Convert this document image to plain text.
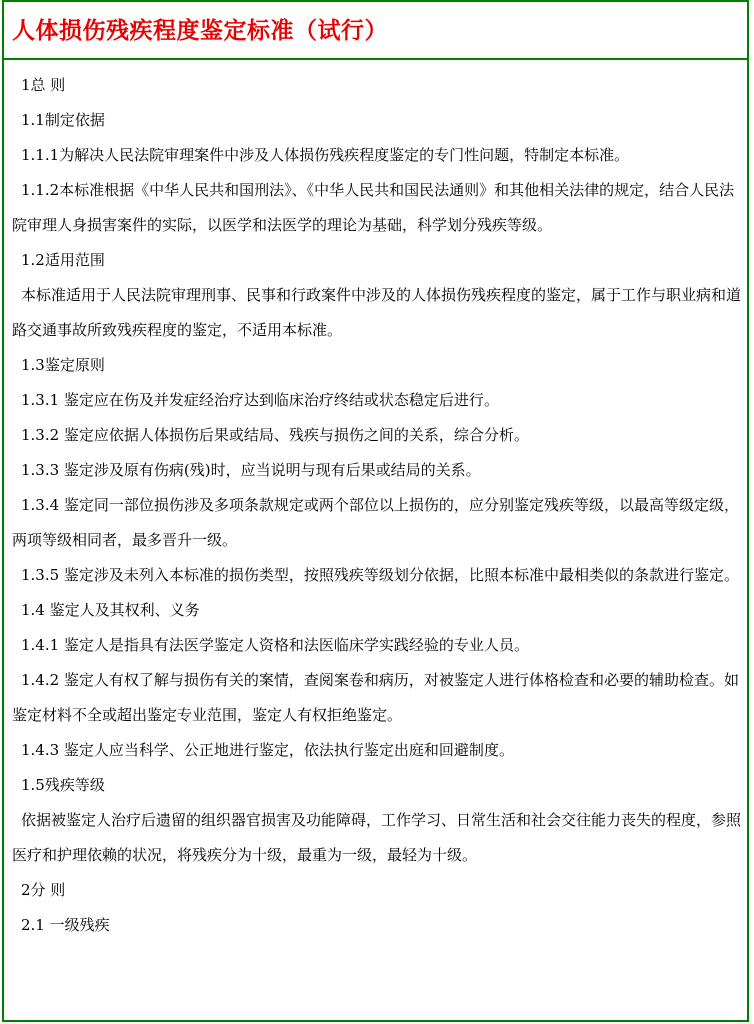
人体损伤残疾程度鉴定标准（试行）

1总 则

1.1制定依据

1.1.1为解决人民法院审理案件中涉及人体损伤残疾程度鉴定的专门性问题，特制定本标准。

1.1.2本标准根据《中华人民共和国刑法》、《中华人民共和国民法通则》和其他相关法律的规定，结合人民法院审理人身损害案件的实际，以医学和法医学的理论为基础，科学划分残疾等级。

1.2适用范围

本标准适用于人民法院审理刑事、民事和行政案件中涉及的人体损伤残疾程度的鉴定，属于工作与职业病和道路交通事故所致残疾程度的鉴定，不适用本标准。

1.3鉴定原则

1.3.1 鉴定应在伤及并发症经治疗达到临床治疗终结或状态稳定后进行。

1.3.2 鉴定应依据人体损伤后果或结局、残疾与损伤之间的关系，综合分析。

1.3.3 鉴定涉及原有伤病(残)时，应当说明与现有后果或结局的关系。

1.3.4 鉴定同一部位损伤涉及多项条款规定或两个部位以上损伤的，应分别鉴定残疾等级，以最高等级定级，两项等级相同者，最多晋升一级。

1.3.5 鉴定涉及未列入本标准的损伤类型，按照残疾等级划分依据，比照本标准中最相类似的条款进行鉴定。

1.4 鉴定人及其权利、义务

1.4.1 鉴定人是指具有法医学鉴定人资格和法医临床学实践经验的专业人员。

1.4.2 鉴定人有权了解与损伤有关的案情，查阅案卷和病历，对被鉴定人进行体格检查和必要的辅助检查。如鉴定材料不全或超出鉴定专业范围，鉴定人有权拒绝鉴定。

1.4.3 鉴定人应当科学、公正地进行鉴定，依法执行鉴定出庭和回避制度。

1.5残疾等级

依据被鉴定人治疗后遗留的组织器官损害及功能障碍，工作学习、日常生活和社会交往能力丧失的程度，参照医疗和护理依赖的状况，将残疾分为十级，最重为一级，最轻为十级。

2分 则

2.1 一级残疾
